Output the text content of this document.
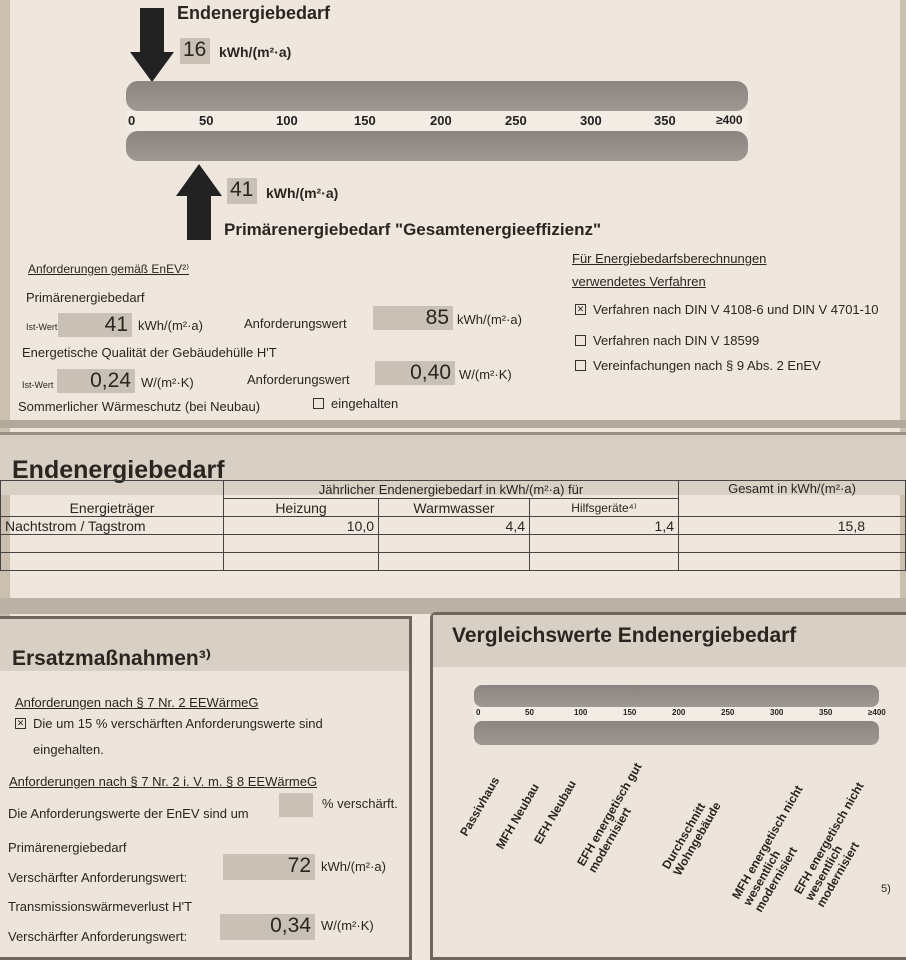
Endenergiebedarf
16 kWh/(m²·a)
0	50	100	150	200	250	300	350	≥400
41 kWh/(m²·a)
Primärenergiebedarf "Gesamtenergieeffizienz"
Anforderungen gemäß EnEV²⁾
Primärenergiebedarf
Ist-Wert	41 kWh/(m²·a)	Anforderungswert	85 kWh/(m²·a)
Energetische Qualität der Gebäudehülle H'T
Ist-Wert	0,24 W/(m²·K)	Anforderungswert	0,40 W/(m²·K)
Sommerlicher Wärmeschutz (bei Neubau)	eingehalten
Für Energiebedarfsberechnungen
verwendetes Verfahren
✕ Verfahren nach DIN V 4108-6 und DIN V 4701-10
Verfahren nach DIN V 18599
Vereinfachungen nach § 9 Abs. 2 EnEV
Endenergiebedarf
Energieträger	Jährlicher Endenergiebedarf in kWh/(m²·a) für			Gesamt in kWh/(m²·a)
	Heizung	Warmwasser	Hilfsgeräte⁴⁾	
Nachtstrom / Tagstrom	10,0	4,4	1,4	15,8

Ersatzmaßnahmen³⁾
Anforderungen nach § 7 Nr. 2 EEWärmeG
✕ Die um 15 % verschärften Anforderungswerte sind
eingehalten.
Anforderungen nach § 7 Nr. 2 i. V. m. § 8 EEWärmeG
Die Anforderungswerte der EnEV sind um
% verschärft.
Primärenergiebedarf
Verschärfter Anforderungswert:
72 kWh/(m²·a)
Transmissionswärmeverlust H'T
Verschärfter Anforderungswert:	0,34 W/(m²·K)
Vergleichswerte Endenergiebedarf
0	50	100	150	200	250	300	350	≥400
Passivhaus
MFH Neubau
EFH Neubau
EFH energetisch gut modernisiert	Durchschnitt Wohngebäude MFH energetisch nicht wesentlich modernisiert
EFH energetisch nicht wesentlich modernisiert	5)
